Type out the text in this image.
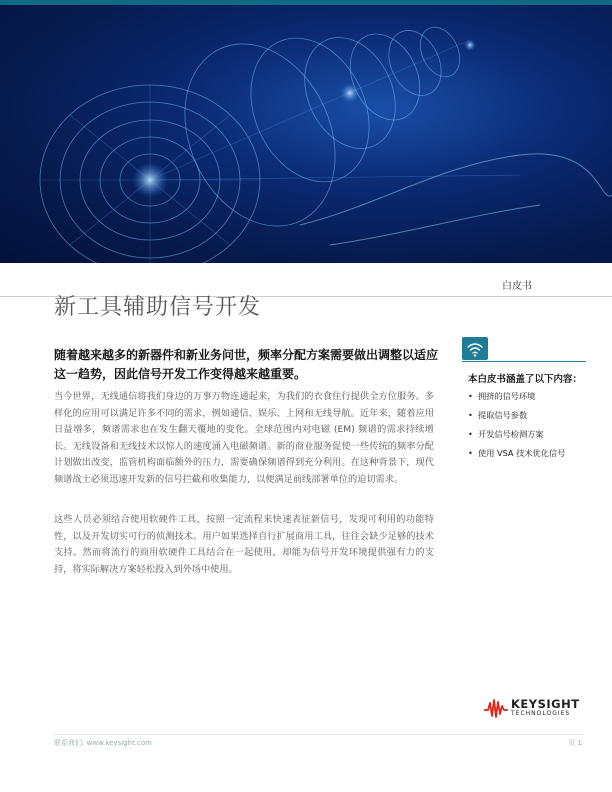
白皮书
新工具辅助信号开发
随着越来越多的新器件和新业务问世，频率分配方案需要做出调整以适应这一趋势，因此信号开发工作变得越来越重要。
当今世界，无线通信将我们身边的万事万物连通起来，为我们的衣食住行提供全方位服务。多样化的应用可以满足许多不同的需求，例如通信、娱乐、上网和无线导航。近年来，随着应用日益增多，频谱需求也在发生翻天覆地的变化。全球范围内对电磁 (EM) 频谱的需求持续增长。无线设备和无线技术以惊人的速度涌入电磁频谱。新的商业服务促使一些传统的频率分配计划做出改变，监管机构面临额外的压力，需要确保频谱得到充分利用。在这种背景下，现代频谱战士必须迅速开发新的信号拦截和收集能力，以便满足前线部署单位的迫切需求。
这些人员必须结合使用软硬件工具，按照一定流程来快速表征新信号，发现可利用的功能特性，以及开发切实可行的侦测技术。用户如果选择自行扩展商用工具，往往会缺少足够的技术支持。然而将流行的商用软硬件工具结合在一起使用，却能为信号开发环境提供强有力的支持，将实际解决方案轻松投入到外场中使用。
本白皮书涵盖了以下内容：
• 拥挤的信号环境
• 提取信号参数
• 开发信号检测方案
• 使用 VSA 技术优化信号
KEYSIGHT
TECHNOLOGIES
联系我们: www.keysight.com	页 1
